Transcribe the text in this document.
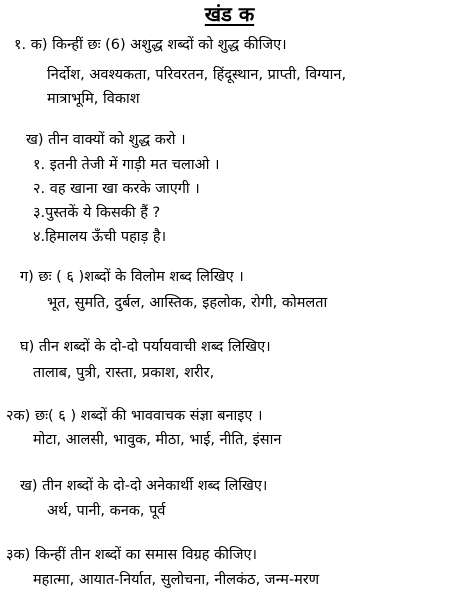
खंड क
१. क) किन्हीं छः (6) अशुद्ध शब्दों को शुद्ध कीजिए।
निर्दोश, अवश्यकता, परिवरतन, हिंदूस्थान, प्राप्ती, विग्यान,
मात्राभूमि, विकाश
ख) तीन वाक्यों को शुद्ध करो ।
१. इतनी तेजी में गाड़ी मत चलाओ ।
२. वह खाना खा करके जाएगी ।
३.पुस्तकें ये किसकी हैं ?
४.हिमालय ऊँची पहाड़ है।
ग) छः ( ६ )शब्दों के विलोम शब्द लिखिए ।
भूत, सुमति, दुर्बल, आस्तिक, इहलोक, रोगी, कोमलता
घ) तीन शब्दों के दो-दो पर्यायवाची शब्द लिखिए।
तालाब, पुत्री, रास्ता, प्रकाश, शरीर,
२क) छः( ६ ) शब्दों की भाववाचक संज्ञा बनाइए ।
मोटा, आलसी, भावुक, मीठा, भाई, नीति, इंसान
ख) तीन शब्दों के दो-दो अनेकार्थी शब्द लिखिए।
अर्थ, पानी, कनक, पूर्व
३क) किन्हीं तीन शब्दों का समास विग्रह कीजिए।
महात्मा, आयात-निर्यात, सुलोचना, नीलकंठ, जन्म-मरण
